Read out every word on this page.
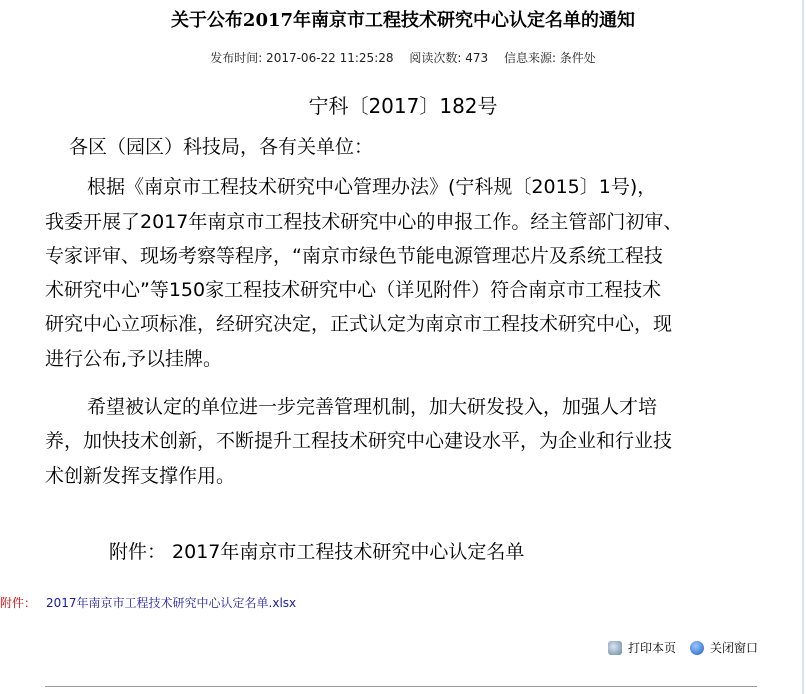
关于公布2017年南京市工程技术研究中心认定名单的通知
发布时间: 2017-06-22 11:25:28 阅读次数: 473 信息来源: 条件处
宁科〔2017〕182号
各区（园区）科技局，各有关单位：
根据《南京市工程技术研究中心管理办法》(宁科规〔2015〕1号)，
我委开展了2017年南京市工程技术研究中心的申报工作。经主管部门初审、
专家评审、现场考察等程序，“南京市绿色节能电源管理芯片及系统工程技
术研究中心”等150家工程技术研究中心（详见附件）符合南京市工程技术
研究中心立项标准，经研究决定，正式认定为南京市工程技术研究中心，现
进行公布,予以挂牌。
希望被认定的单位进一步完善管理机制，加大研发投入，加强人才培
养，加快技术创新，不断提升工程技术研究中心建设水平，为企业和行业技
术创新发挥支撑作用。
附件： 2017年南京市工程技术研究中心认定名单
附件： 2017年南京市工程技术研究中心认定名单.xlsx
打印本页	关闭窗口
